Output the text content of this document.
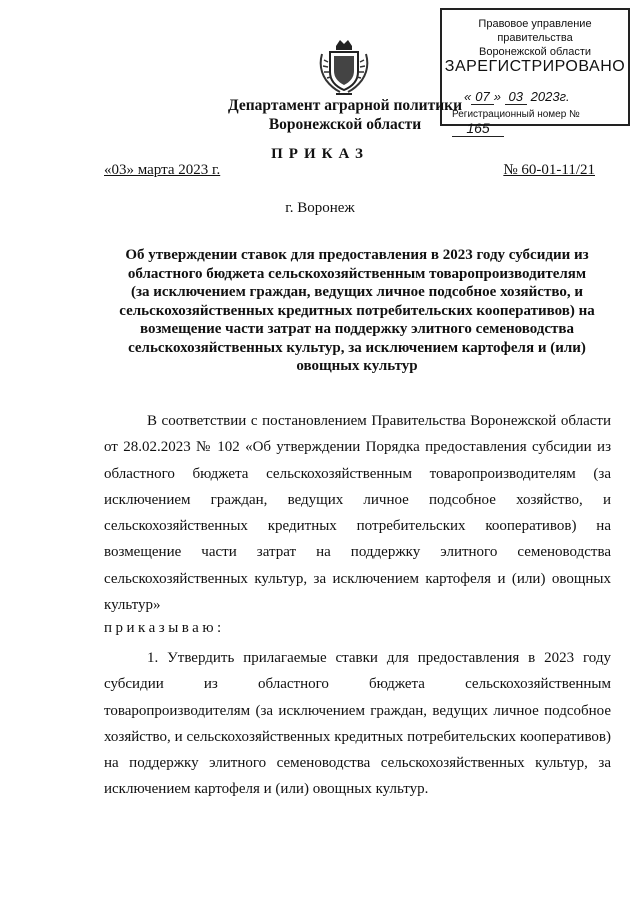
Правовое управление правительства
Воронежской области
ЗАРЕГИСТРИРОВАНО
« 07 » 03 2023г.
Регистрационный номер № 165
Департамент аграрной политики
Воронежской области
ПРИКАЗ
«03» марта 2023 г.	№ 60-01-11/21
г. Воронеж
Об утверждении ставок для предоставления в 2023 году субсидии из областного бюджета сельскохозяйственным товаропроизводителям (за исключением граждан, ведущих личное подсобное хозяйство, и сельскохозяйственных кредитных потребительских кооперативов) на возмещение части затрат на поддержку элитного семеноводства сельскохозяйственных культур, за исключением картофеля и (или) овощных культур
В соответствии с постановлением Правительства Воронежской области от 28.02.2023 № 102 «Об утверждении Порядка предоставления субсидии из областного бюджета сельскохозяйственным товаропроизводителям (за исключением граждан, ведущих личное подсобное хозяйство, и сельскохозяйственных кредитных потребительских кооперативов) на возмещение части затрат на поддержку элитного семеноводства сельскохозяйственных культур, за исключением картофеля и (или) овощных культур»
приказываю:
1. Утвердить прилагаемые ставки для предоставления в 2023 году субсидии из областного бюджета сельскохозяйственным товаропроизводителям (за исключением граждан, ведущих личное подсобное хозяйство, и сельскохозяйственных кредитных потребительских кооперативов) на поддержку элитного семеноводства сельскохозяйственных культур, за исключением картофеля и (или) овощных культур.
